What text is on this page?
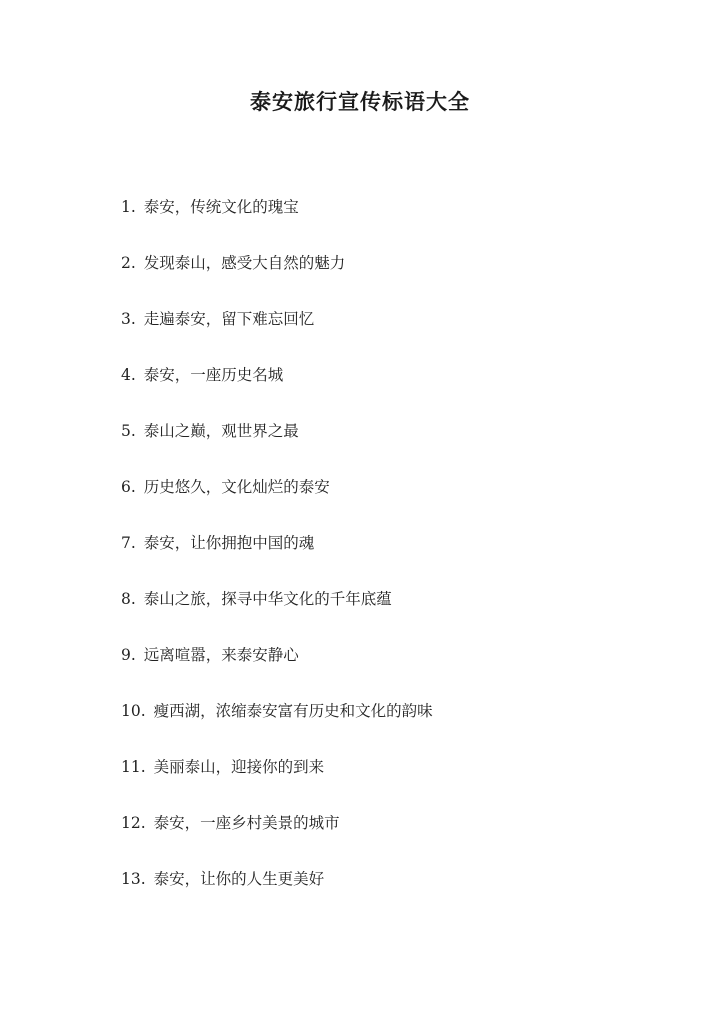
泰安旅行宣传标语大全
1. 泰安，传统文化的瑰宝
2. 发现泰山，感受大自然的魅力
3. 走遍泰安，留下难忘回忆
4. 泰安，一座历史名城
5. 泰山之巅，观世界之最
6. 历史悠久，文化灿烂的泰安
7. 泰安，让你拥抱中国的魂
8. 泰山之旅，探寻中华文化的千年底蕴
9. 远离喧嚣，来泰安静心
10. 瘦西湖，浓缩泰安富有历史和文化的韵味
11. 美丽泰山，迎接你的到来
12. 泰安，一座乡村美景的城市
13. 泰安，让你的人生更美好
